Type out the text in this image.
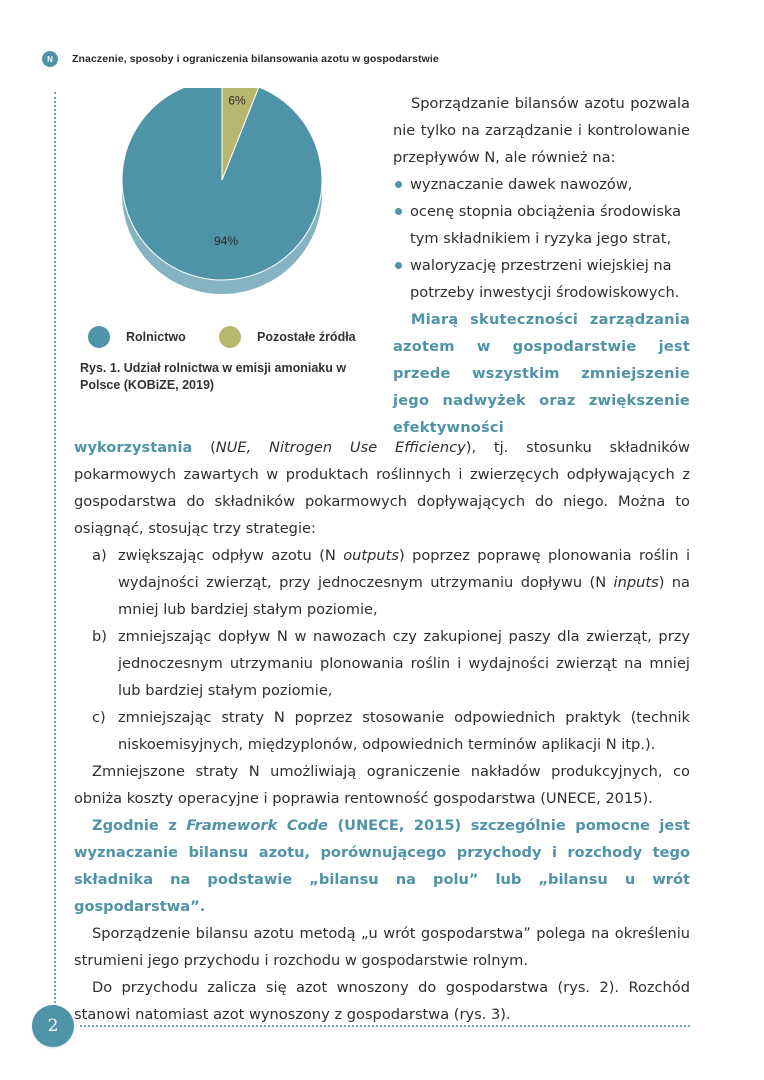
N	Znaczenie, sposoby i ograniczenia bilansowania azotu w gospodarstwie
94%
6%
Rolnictwo	Pozostałe źródła
Rys. 1. Udział rolnictwa w emisji amoniaku w Polsce (KOBiZE, 2019)

Sporządzanie bilansów azotu pozwala nie tylko na zarządzanie i kontrolowanie przepływów N, ale również na:

wyznaczanie dawek nawozów,
ocenę stopnia obciążenia środowiska tym składnikiem i ryzyka jego strat,
waloryzację przestrzeni wiejskiej na potrzeby inwestycji środowiskowych.

Miarą skuteczności zarządzania azotem w gospodarstwie jest przede wszystkim zmniejszenie jego nadwyżek oraz zwiększenie efektywności

wykorzystania (NUE, Nitrogen Use Efficiency), tj. stosunku składników pokarmowych zawartych w produktach roślinnych i zwierzęcych odpływających z gospodarstwa do składników pokarmowych dopływających do niego. Można to osiągnąć, stosując trzy strategie:

a) zwiększając odpływ azotu (N outputs) poprzez poprawę plonowania roślin i wydajności zwierząt, przy jednoczesnym utrzymaniu dopływu (N inputs) na mniej lub bardziej stałym poziomie,
b) zmniejszając dopływ N w nawozach czy zakupionej paszy dla zwierząt, przy jednoczesnym utrzymaniu plonowania roślin i wydajności zwierząt na mniej lub bardziej stałym poziomie,
c) zmniejszając straty N poprzez stosowanie odpowiednich praktyk (technik niskoemisyjnych, międzyplonów, odpowiednich terminów aplikacji N itp.).

Zmniejszone straty N umożliwiają ograniczenie nakładów produkcyjnych, co obniża koszty operacyjne i poprawia rentowność gospodarstwa (UNECE, 2015).

Zgodnie z Framework Code (UNECE, 2015) szczególnie pomocne jest wyznaczanie bilansu azotu, porównującego przychody i rozchody tego składnika na podstawie „bilansu na polu” lub „bilansu u wrót gospodarstwa”.

Sporządzenie bilansu azotu metodą „u wrót gospodarstwa” polega na określeniu strumieni jego przychodu i rozchodu w gospodarstwie rolnym.

Do przychodu zalicza się azot wnoszony do gospodarstwa (rys. 2). Rozchód stanowi natomiast azot wynoszony z gospodarstwa (rys. 3).

2
